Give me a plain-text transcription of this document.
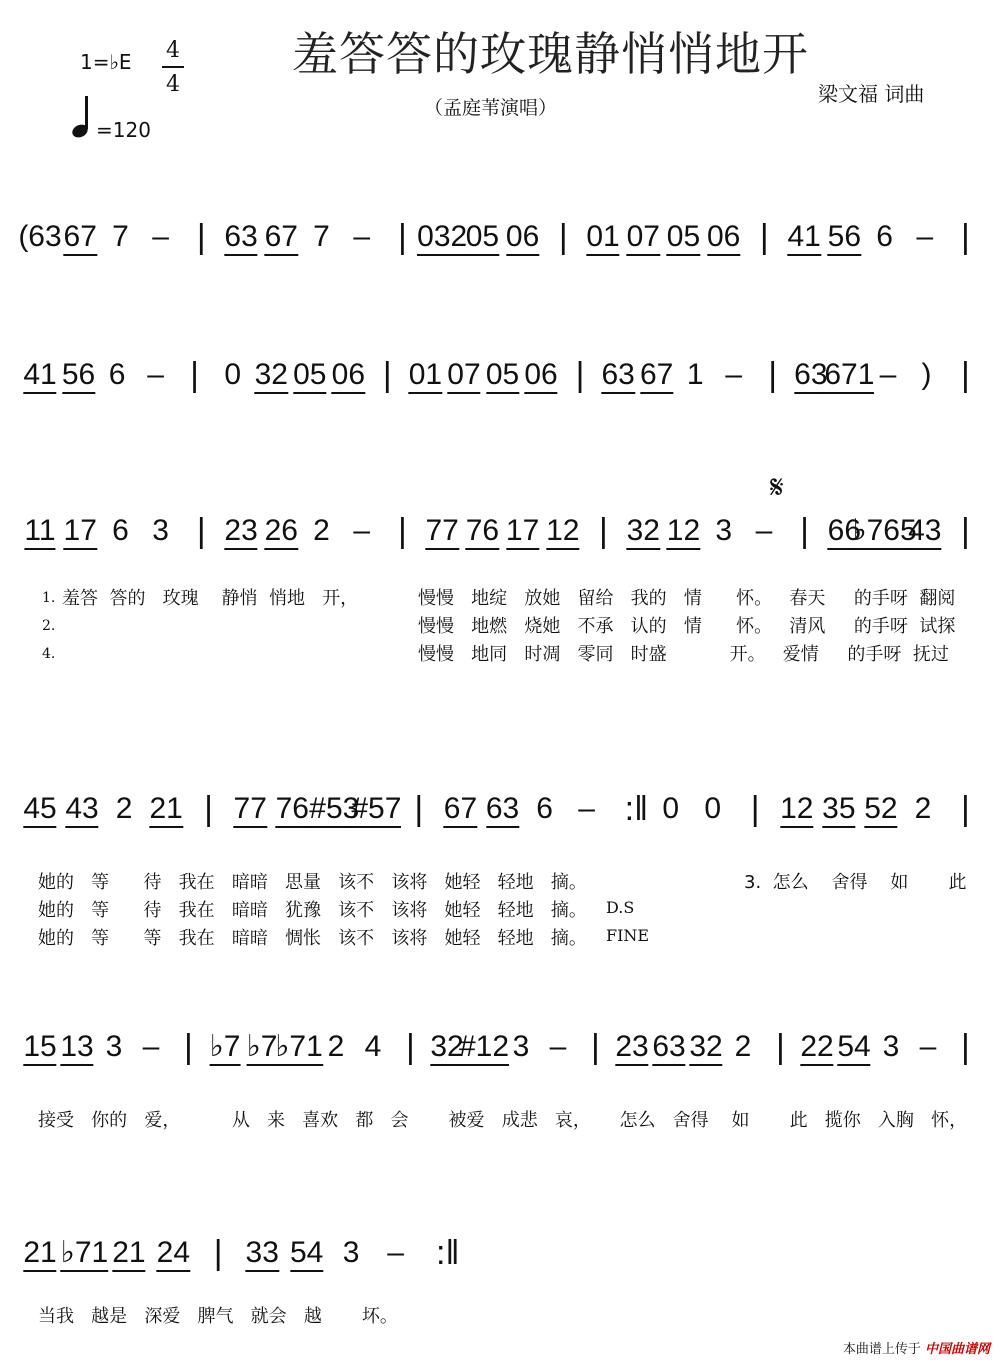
羞答答的玫瑰静悄悄地开
（孟庭苇演唱）
梁文福 词曲
1=♭E 4
4
=120
𝄋
(63 67 7 – | 63 67 7 – | 032
05 06 | 01 07 05 06 | 41 56 6 – |
41 56 6 – | 0 32 05 06 | 01 07 05 06 | 63 67 1 – | 63
671 – ) |
11 17 6 3 | 23 26 2 – | 77 76 17 12 | 32 12 3 – | 66
♭765
43 |
1.
2.
4.
羞答  答的   玫瑰    静悄  悄地   开，	慢慢   地绽   放她   留给   我的   情      怀。   春天     的手呀  翻阅
慢慢   地燃   烧她   不承   认的   情      怀。   清风     的手呀  试探
慢慢   地同   时凋   零同   时盛           开。   爱情     的手呀  抚过
45 43 2 21 | 77 76 #53
#57 | 67 63 6 – :‖ 0 0 | 12 35 52 2 |
她的   等      待   我在   暗暗   思量   该不   该将   她轻   轻地   摘。
她的   等      待   我在   暗暗   犹豫   该不   该将   她轻   轻地   摘。
她的   等      等   我在   暗暗   惆怅   该不   该将   她轻   轻地   摘。
3.  怎么    舍得    如       此
D.S
FINE
15 13 3 – | ♭7 ♭7
♭71 2 4 | 32
#12 3 – | 23 63 32 2 | 22 54 3 – |
接受   你的   爱，         从   来   喜欢   都   会       被爱   成悲   哀，     怎么   舍得    如       此   揽你   入胸   怀，
21 ♭71 21 24 | 33 54 3 – :‖
当我   越是   深爱   脾气   就会   越       坏。
本曲谱上传于 中国曲谱网
